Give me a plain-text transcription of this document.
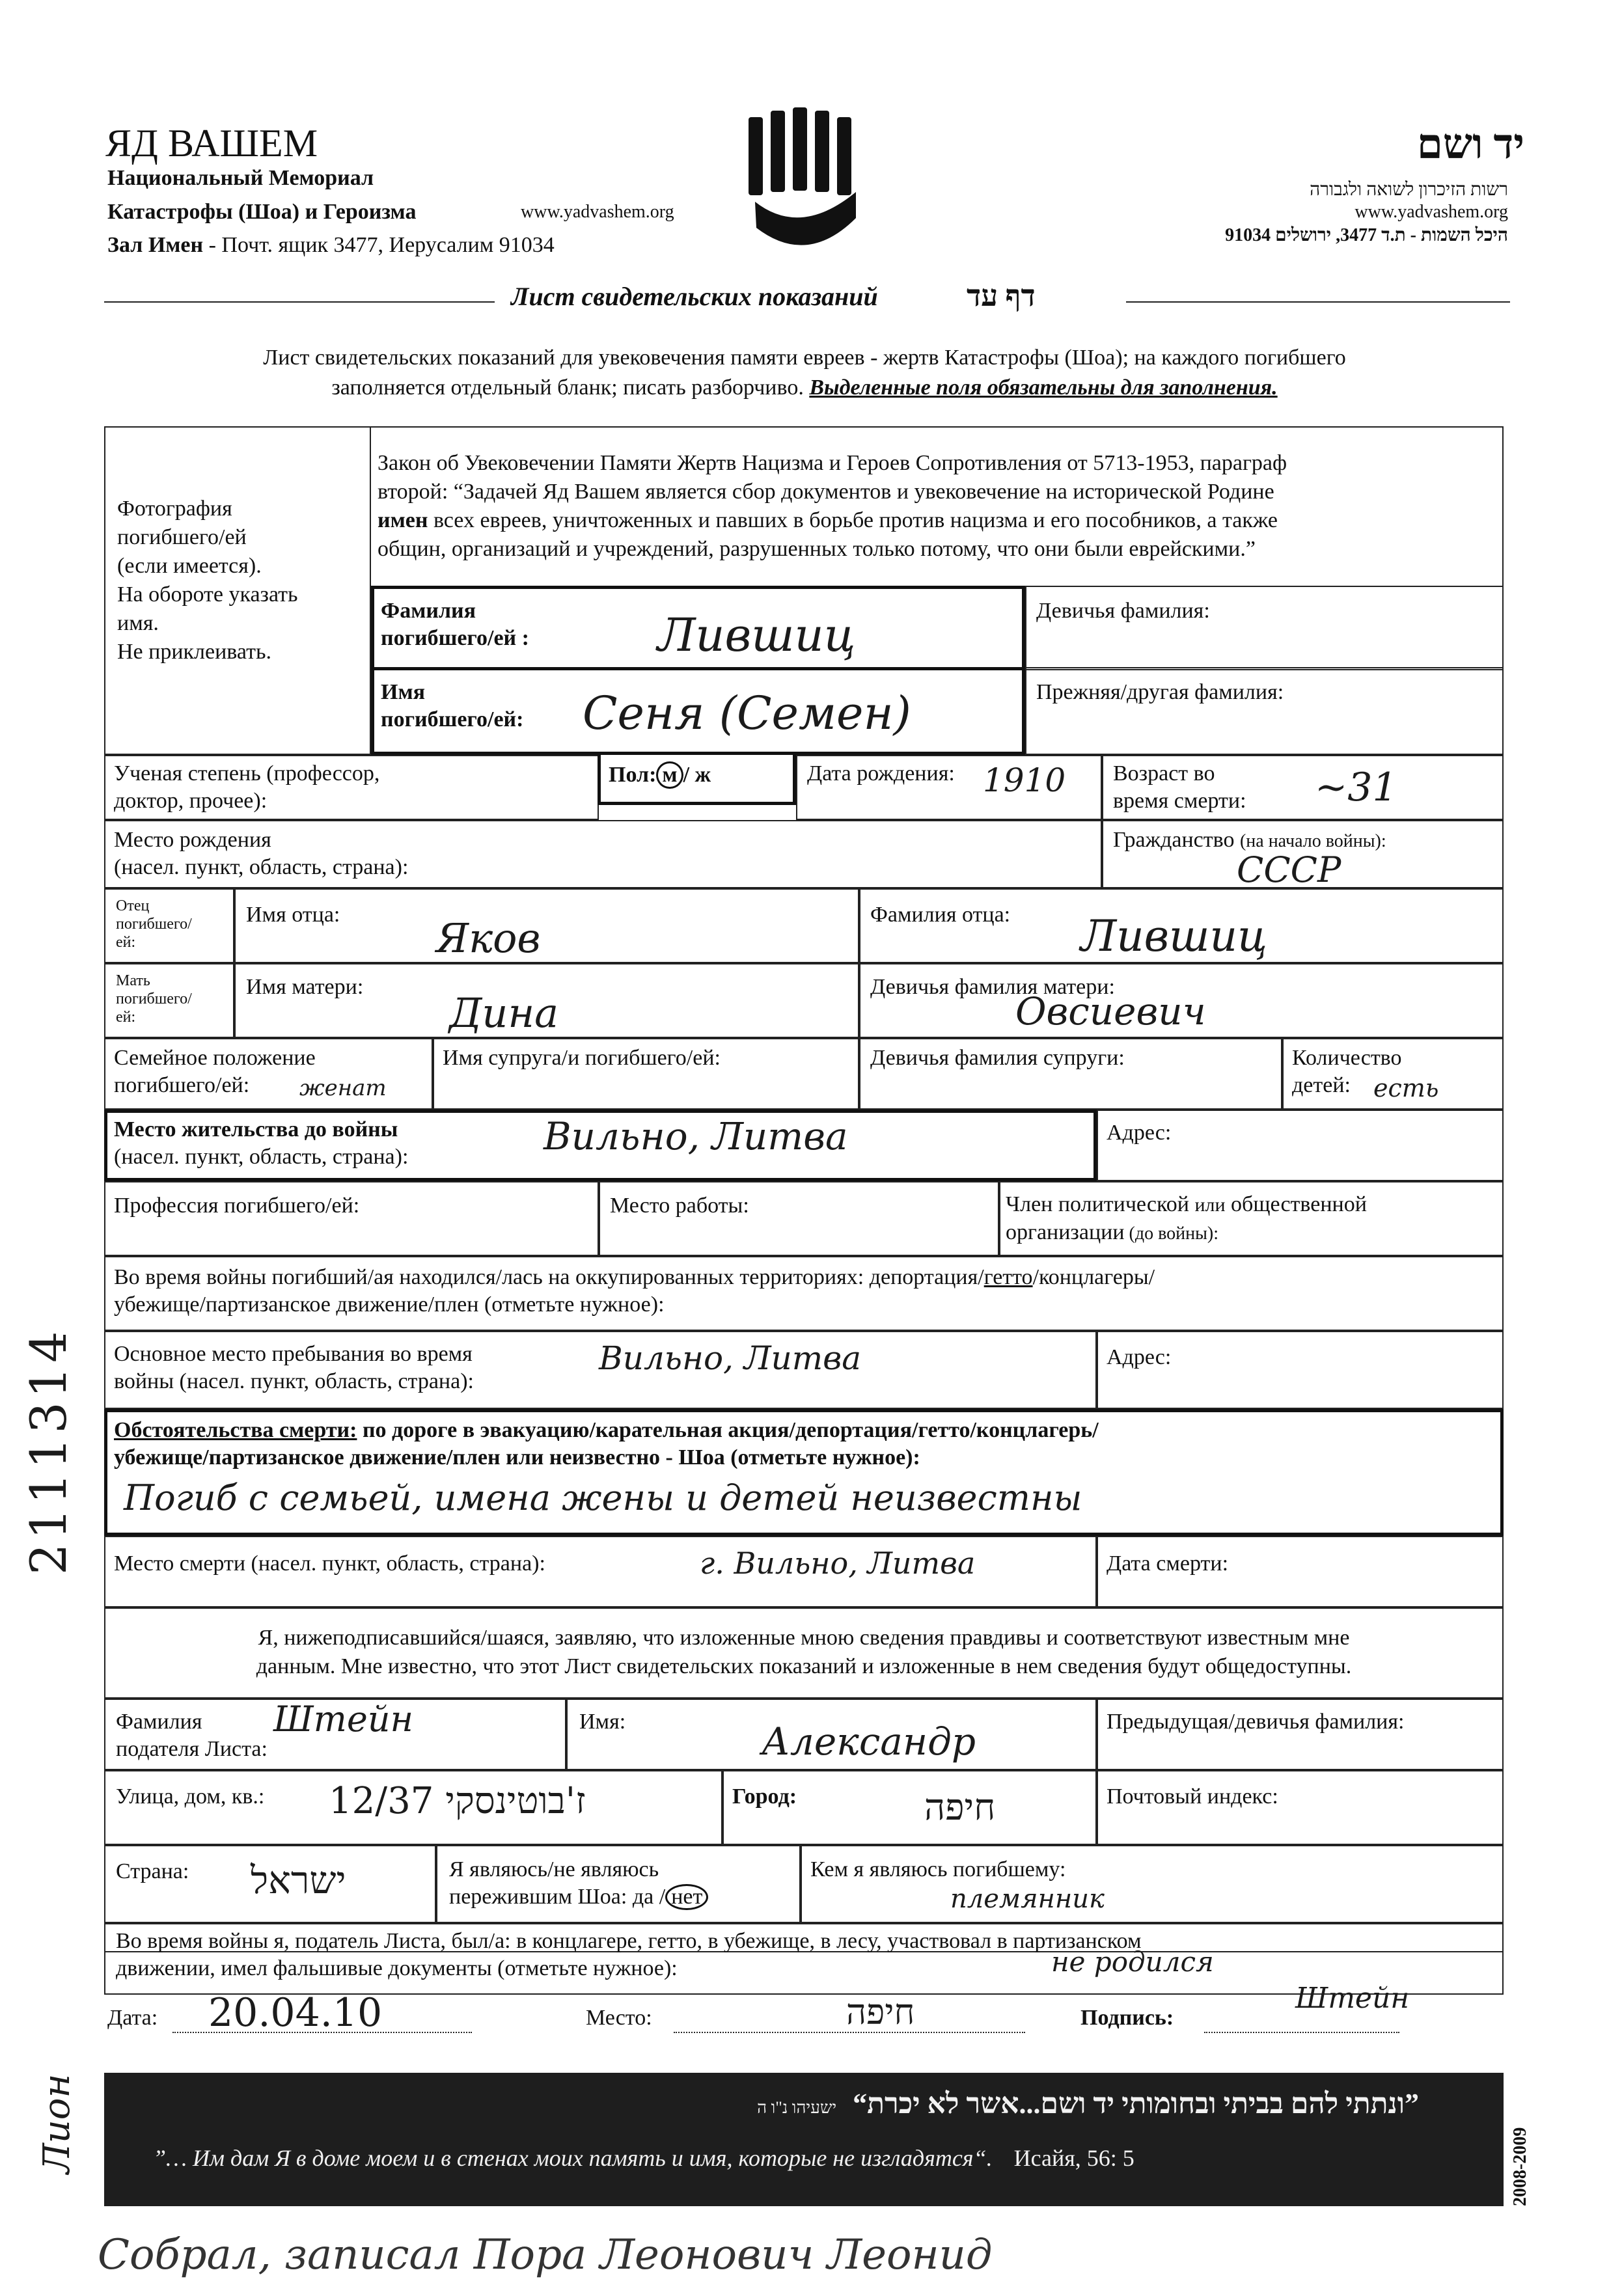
ЯД ВАШЕМ
Национальный Мемориал
Катастрофы (Шоа) и Героизма	www.yadvashem.org
Зал Имен - Почт. ящик 3477, Иерусалим 91034
יד ושם
רשות הזיכרון לשואה ולגבורה
www.yadvashem.org
היכל השמות - ת.ד 3477, ירושלים 91034
Лист свидетельских показаний	דף עד
Лист свидетельских показаний для увековечения памяти евреев - жертв Катастрофы (Шоа); на каждого погибшего
заполняется отдельный бланк; писать разборчиво. Выделенные поля обязательны для заполнения.
Фотография
погибшего/ей
(если имеется).
На обороте указать
имя.
Не приклеивать.
Закон об Увековечении Памяти Жертв Нацизма и Героев Сопротивления от 5713-1953, параграф
второй: “Задачей Яд Вашем является сбор документов и увековечение на исторической Родине
имен всех евреев, уничтоженных и павших в борьбе против нацизма и его пособников, а также
общин, организаций и учреждений, разрушенных только потому, что они были еврейскими.”
Фамилия
погибшего/ей :	Лившиц	Девичья фамилия:
Имя
погибшего/ей: Сеня (Семен)	Прежняя/другая фамилия:
Ученая степень (профессор,
доктор, прочее):
Пол: м / ж	Дата рождения: 1910 Возраст во
время смерти: ~31
Место рождения
(насел. пункт, область, страна):
Гражданство (на начало войны):
СССР
Отец
погибшего/
ей:
Имя отца: Яков	Фамилия отца: Лившиц
Мать
погибшего/
ей:
Имя матери:
Дина
Девичья фамилия матери:
Овсиевич
Семейное положение
погибшего/ей:	женат
Имя супруга/и погибшего/ей:	Девичья фамилия супруги:	Количество
детей: есть
Место жительства до войны
(насел. пункт, область, страна):	Вильно, Литва	Адрес:
Профессия погибшего/ей:	Место работы:	Член политической или общественной
организации (до войны):
Во время войны погибший/ая находился/лась на оккупированных территориях: депортация/гетто/концлагеры/
убежище/партизанское движение/плен (отметьте нужное):
Основное место пребывания во время
войны (насел. пункт, область, страна):
Вильно, Литва	Адрес:
Обстоятельства смерти: по дороге в эвакуацию/карательная акция/депортация/гетто/концлагерь/
убежище/партизанское движение/плен или неизвестно - Шоа (отметьте нужное):
Погиб с семьей, имена жены и детей неизвестны
Место смерти (насел. пункт, область, страна):	г. Вильно, Литва	Дата смерти:
Я, нижеподписавшийся/шаяся, заявляю, что изложенные мною сведения правдивы и соответствуют известным мне
данным. Мне известно, что этот Лист свидетельских показаний и изложенные в нем сведения будут общедоступны.
Фамилия
подателя Листа:
Штейн	Имя:	Александр	Предыдущая/девичья фамилия:
Улица, дом, кв.: 12/37 ז'בוטינסקי	Город:	חיפה	Почтовый индекс:
Страна: ישראל	Я являюсь/не являюсь
пережившим Шоа: да / нет
Кем я являюсь погибшему:
племянник
Во время войны я, податель Листа, был/а: в концлагере, гетто, в убежище, в лесу, участвовал в партизанском
движении, имел фальшивые документы (отметьте нужное):	не родился
Дата: 20.04.10	Место:	חיפה	Подпись:
Штейн
”ונתתי להם בביתי ובחומותי יד ושם...אשר לא יכרת“ ישעיהו נ"ו ה
”… Им дам Я в доме моем и в стенах моих память и имя, которые не изгладятся“. Исайя, 56: 5	2008-2009
2111314
Лион
Собрал, записал Пора Леонович Леонид
